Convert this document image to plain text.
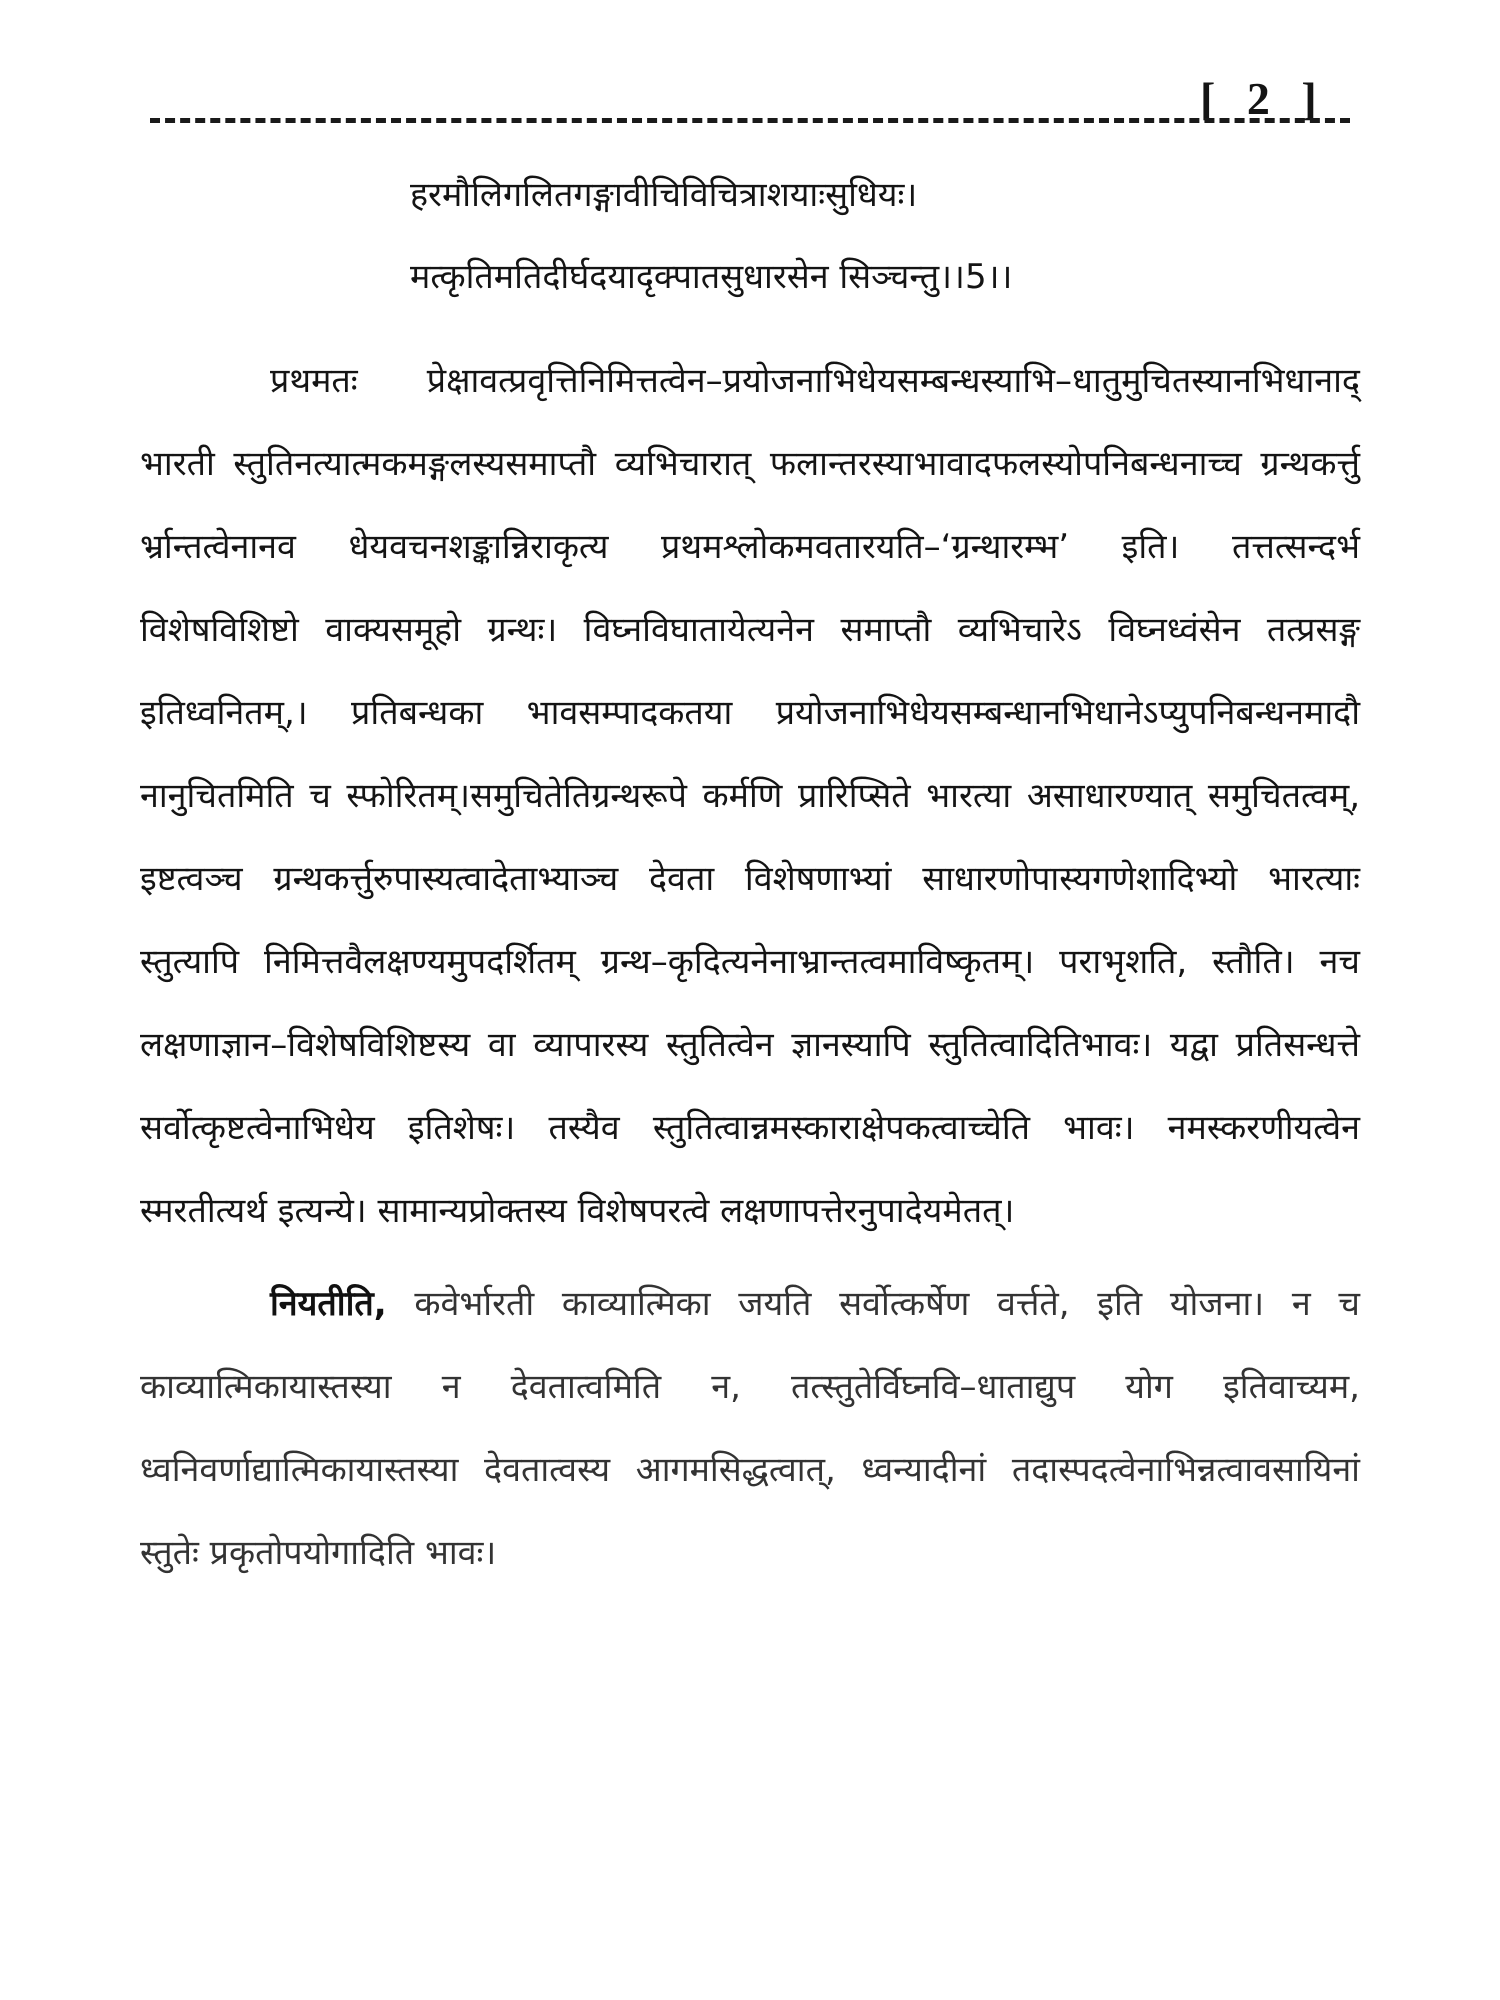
[ 2 ]
हरमौलिगलितगङ्गावीचिविचित्राशयाःसुधियः।
मत्कृतिमतिदीर्घदयादृक्पातसुधारसेन सिञ्चन्तु।।5।।

प्रथमतः प्रेक्षावत्प्रवृत्तिनिमित्तत्वेन–प्रयोजनाभिधेयसम्बन्धस्याभि–धातुमुचितस्यानभिधानाद् भारती स्तुतिनत्यात्मकमङ्गलस्यसमाप्तौ व्यभिचारात् फलान्तरस्याभावादफलस्योपनिबन्धनाच्च ग्रन्थकर्त्तु र्भ्रान्तत्वेनानव धेयवचनशङ्कान्निराकृत्य प्रथमश्लोकमवतारयति–‘ग्रन्थारम्भ’ इति। तत्तत्सन्दर्भ विशेषविशिष्टो वाक्यसमूहो ग्रन्थः। विघ्नविघातायेत्यनेन समाप्तौ व्यभिचारेऽ विघ्नध्वंसेन तत्प्रसङ्ग इतिध्वनितम्,। प्रतिबन्धका भावसम्पादकतया प्रयोजनाभिधेयसम्बन्धानभिधानेऽप्युपनिबन्धनमादौ नानुचितमिति च स्फोरितम्।समुचितेतिग्रन्थरूपे कर्मणि प्रारिप्सिते भारत्या असाधारण्यात् समुचितत्वम्, इष्टत्वञ्च ग्रन्थकर्त्तुरुपास्यत्वादेताभ्याञ्च देवता विशेषणाभ्यां साधारणोपास्यगणेशादिभ्यो भारत्याः स्तुत्यापि निमित्तवैलक्षण्यमुपदर्शितम् ग्रन्थ–कृदित्यनेनाभ्रान्तत्वमाविष्कृतम्। पराभृशति, स्तौति। नच लक्षणाज्ञान–विशेषविशिष्टस्य वा व्यापारस्य स्तुतित्वेन ज्ञानस्यापि स्तुतित्वादितिभावः। यद्वा प्रतिसन्धत्ते सर्वोत्कृष्टत्वेनाभिधेय इतिशेषः। तस्यैव स्तुतित्वान्नमस्काराक्षेपकत्वाच्चेति भावः। नमस्करणीयत्वेन स्मरतीत्यर्थ इत्यन्ये। सामान्यप्रोक्तस्य विशेषपरत्वे लक्षणापत्तेरनुपादेयमेतत्।

नियतीति, कवेर्भारती काव्यात्मिका जयति सर्वोत्कर्षेण वर्त्तते, इति योजना। न च काव्यात्मिकायास्तस्या न देवतात्वमिति न, तत्स्तुतेर्विघ्नवि–धाताद्युप योग इतिवाच्यम, ध्वनिवर्णाद्यात्मिकायास्तस्या देवतात्वस्य आगमसिद्धत्वात्, ध्वन्यादीनां तदास्पदत्वेनाभिन्नत्वावसायिनां स्तुतेः प्रकृतोपयोगादिति भावः।
